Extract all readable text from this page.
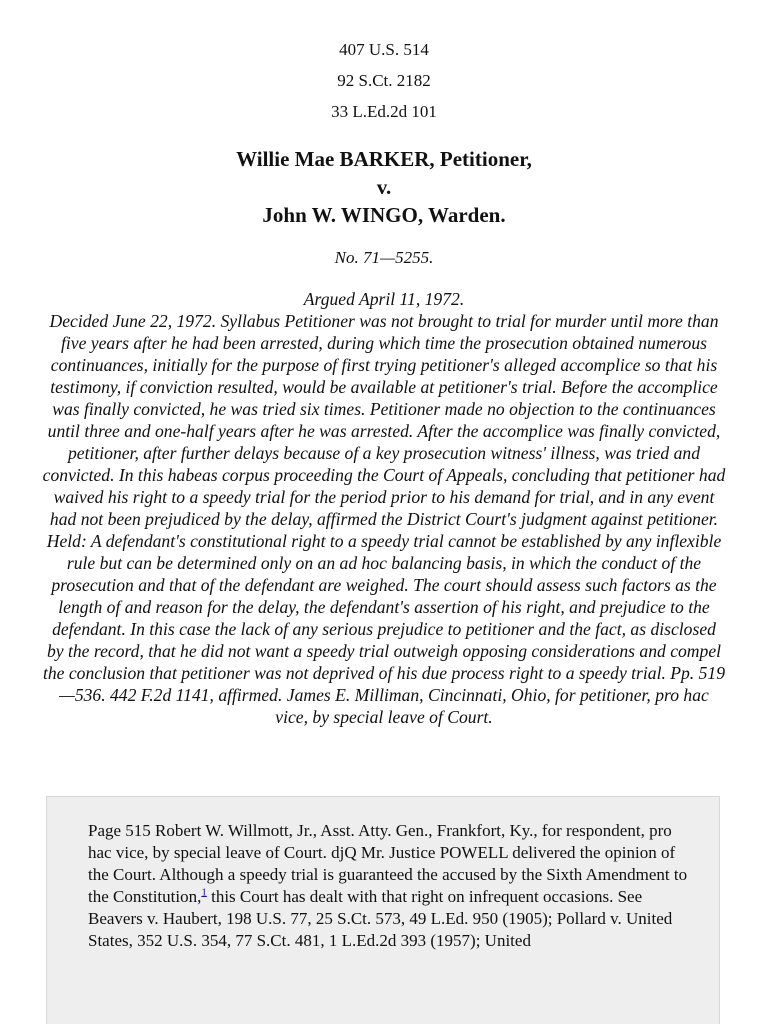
407 U.S. 514
92 S.Ct. 2182
33 L.Ed.2d 101
Willie Mae BARKER, Petitioner,
v.
John W. WINGO, Warden.
No. 71—5255.
Argued April 11, 1972.
Decided June 22, 1972. Syllabus Petitioner was not brought to trial for murder until more than five years after he had been arrested, during which time the prosecution obtained numerous continuances, initially for the purpose of first trying petitioner's alleged accomplice so that his testimony, if conviction resulted, would be available at petitioner's trial. Before the accomplice was finally convicted, he was tried six times. Petitioner made no objection to the continuances until three and one-half years after he was arrested. After the accomplice was finally convicted, petitioner, after further delays because of a key prosecution witness' illness, was tried and convicted. In this habeas corpus proceeding the Court of Appeals, concluding that petitioner had waived his right to a speedy trial for the period prior to his demand for trial, and in any event had not been prejudiced by the delay, affirmed the District Court's judgment against petitioner. Held: A defendant's constitutional right to a speedy trial cannot be established by any inflexible rule but can be determined only on an ad hoc balancing basis, in which the conduct of the prosecution and that of the defendant are weighed. The court should assess such factors as the length of and reason for the delay, the defendant's assertion of his right, and prejudice to the defendant. In this case the lack of any serious prejudice to petitioner and the fact, as disclosed by the record, that he did not want a speedy trial outweigh opposing considerations and compel the conclusion that petitioner was not deprived of his due process right to a speedy trial. Pp. 519—536. 442 F.2d 1141, affirmed. James E. Milliman, Cincinnati, Ohio, for petitioner, pro hac vice, by special leave of Court.
Page 515 Robert W. Willmott, Jr., Asst. Atty. Gen., Frankfort, Ky., for respondent, pro hac vice, by special leave of Court. djQ Mr. Justice POWELL delivered the opinion of the Court. Although a speedy trial is guaranteed the accused by the Sixth Amendment to the Constitution,$^1$ this Court has dealt with that right on infrequent occasions. See Beavers v. Haubert, 198 U.S. 77, 25 S.Ct. 573, 49 L.Ed. 950 (1905); Pollard v. United States, 352 U.S. 354, 77 S.Ct. 481, 1 L.Ed.2d 393 (1957); United
